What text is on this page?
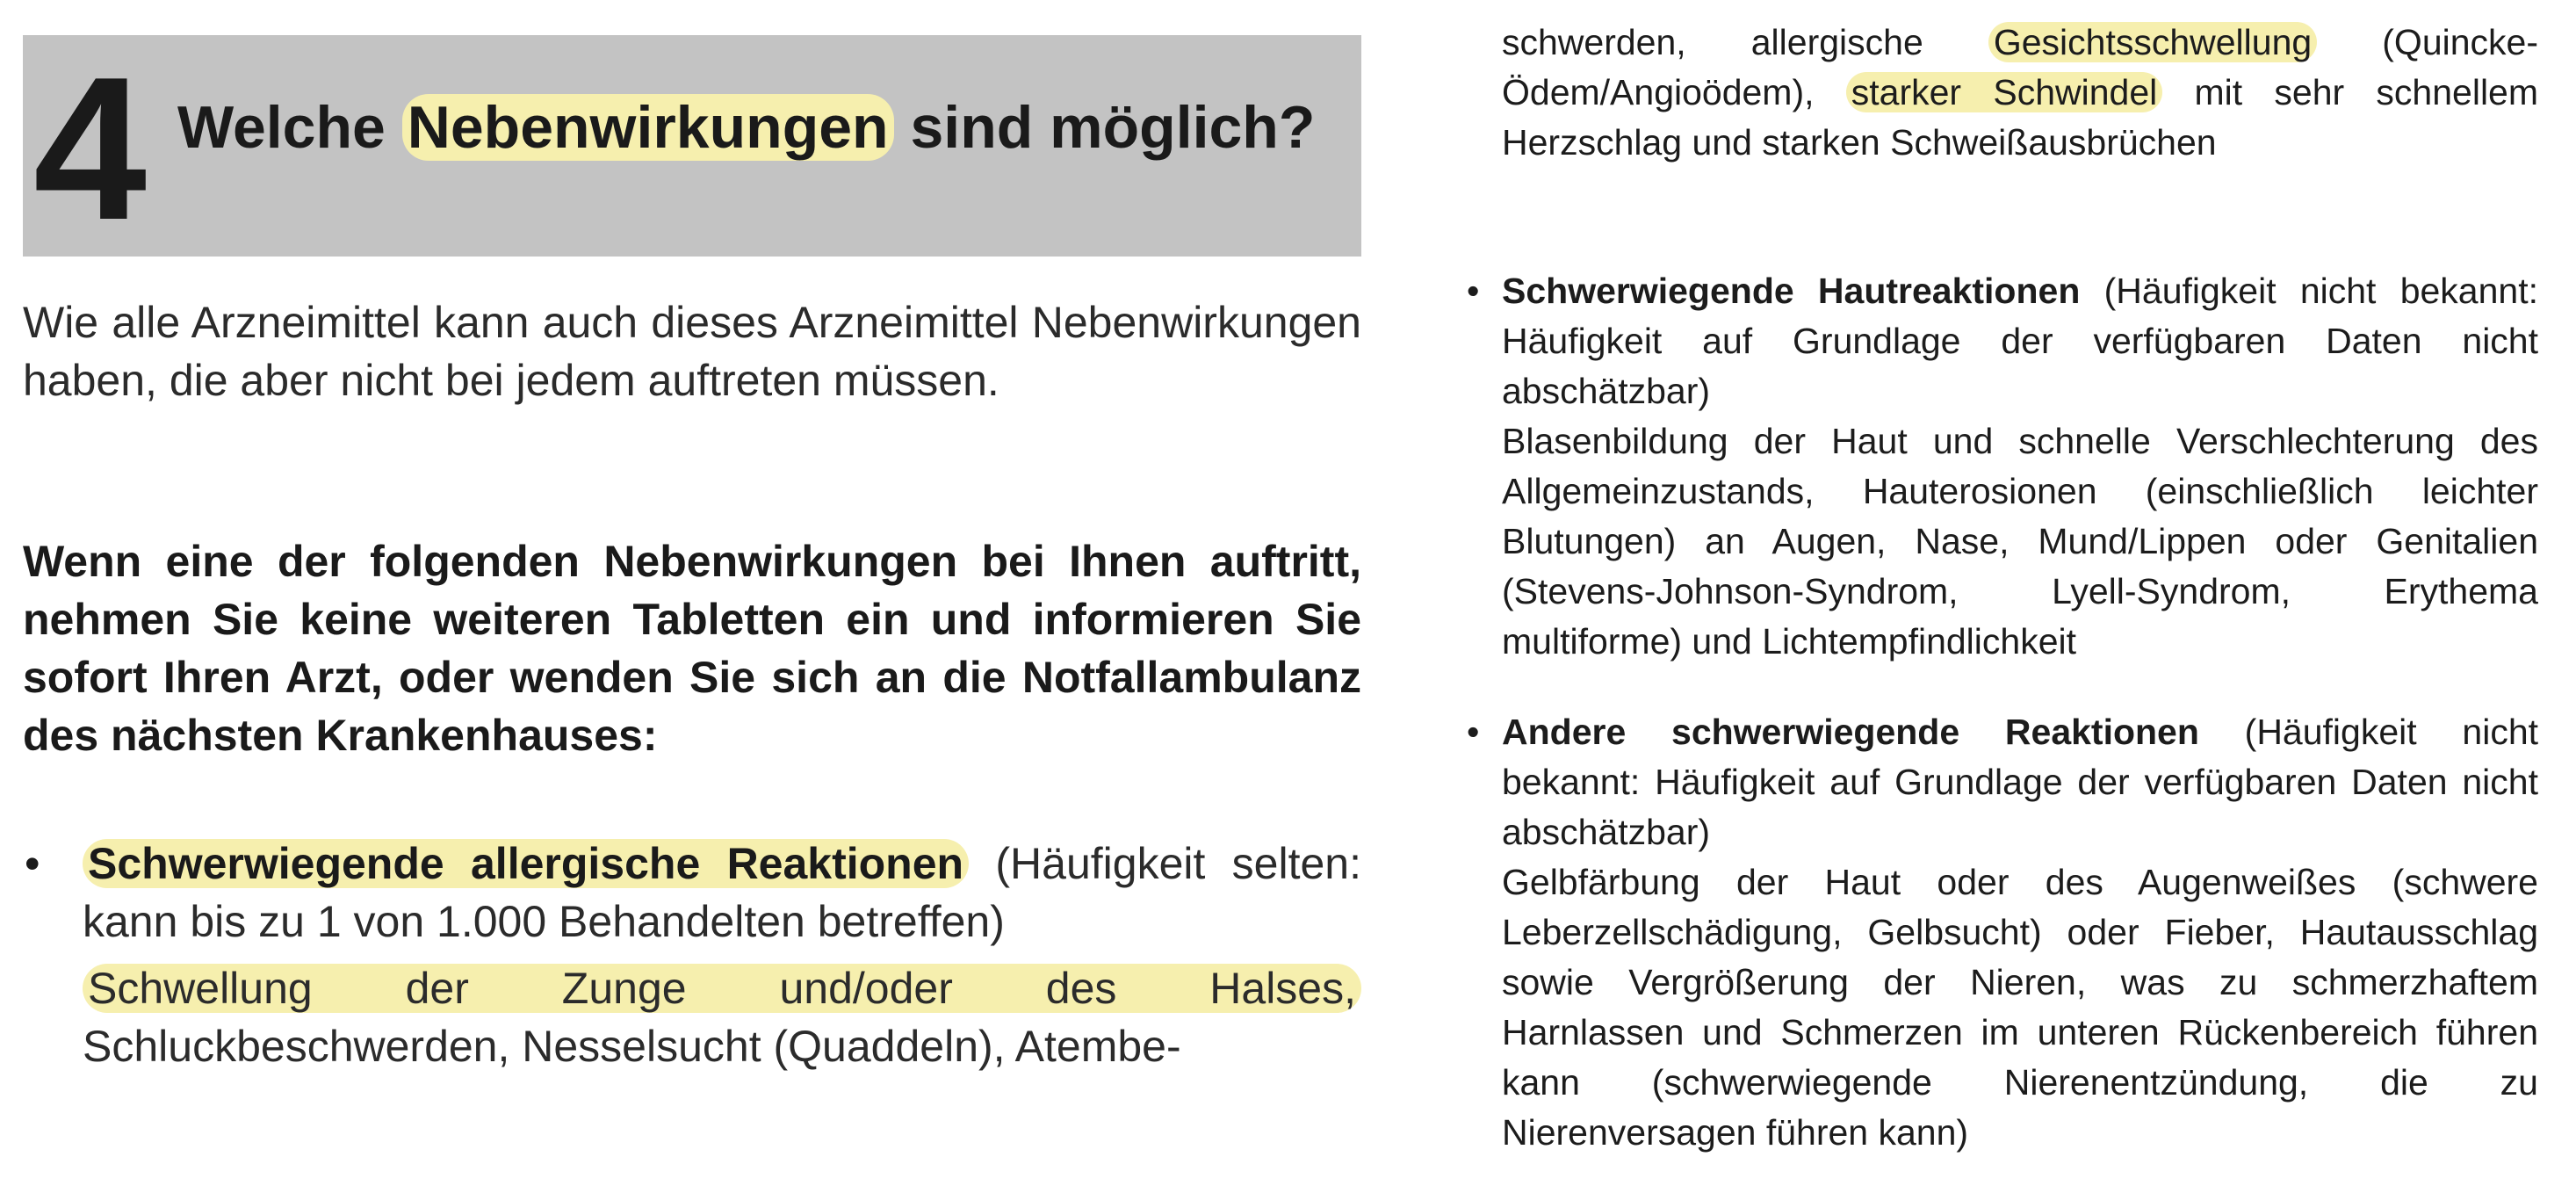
4 Welche Nebenwirkungen sind möglich?
Wie alle Arzneimittel kann auch dieses Arzneimittel Nebenwirkungen haben, die aber nicht bei jedem auftreten müssen.
Wenn eine der folgenden Nebenwirkungen bei Ihnen auftritt, nehmen Sie keine weiteren Tabletten ein und informieren Sie sofort Ihren Arzt, oder wenden Sie sich an die Notfallambulanz des nächsten Krankenhauses:
• Schwerwiegende allergische Reaktionen (Häufigkeit selten: kann bis zu 1 von 1.000 Behandelten betreffen)
Schwellung der Zunge und/oder des Halses, Schluckbeschwerden, Nesselsucht (Quaddeln), Atembe-
schwerden, allergische Gesichtsschwellung (Quincke-Ödem/Angioödem), starker Schwindel mit sehr schnellem Herzschlag und starken Schweißausbrüchen
• Schwerwiegende Hautreaktionen (Häufigkeit nicht bekannt: Häufigkeit auf Grundlage der verfügbaren Daten nicht abschätzbar)
Blasenbildung der Haut und schnelle Verschlechterung des Allgemeinzustands, Hauterosionen (einschließlich leichter Blutungen) an Augen, Nase, Mund/Lippen oder Genitalien (Stevens-Johnson-Syndrom, Lyell-Syndrom, Erythema multiforme) und Lichtempfindlichkeit
• Andere schwerwiegende Reaktionen (Häufigkeit nicht bekannt: Häufigkeit auf Grundlage der verfügbaren Daten nicht abschätzbar)
Gelbfärbung der Haut oder des Augenweißes (schwere Leberzellschädigung, Gelbsucht) oder Fieber, Hautausschlag sowie Vergrößerung der Nieren, was zu schmerzhaftem Harnlassen und Schmerzen im unteren Rückenbereich führen kann (schwerwiegende Nierenentzündung, die zu Nierenversagen führen kann)
